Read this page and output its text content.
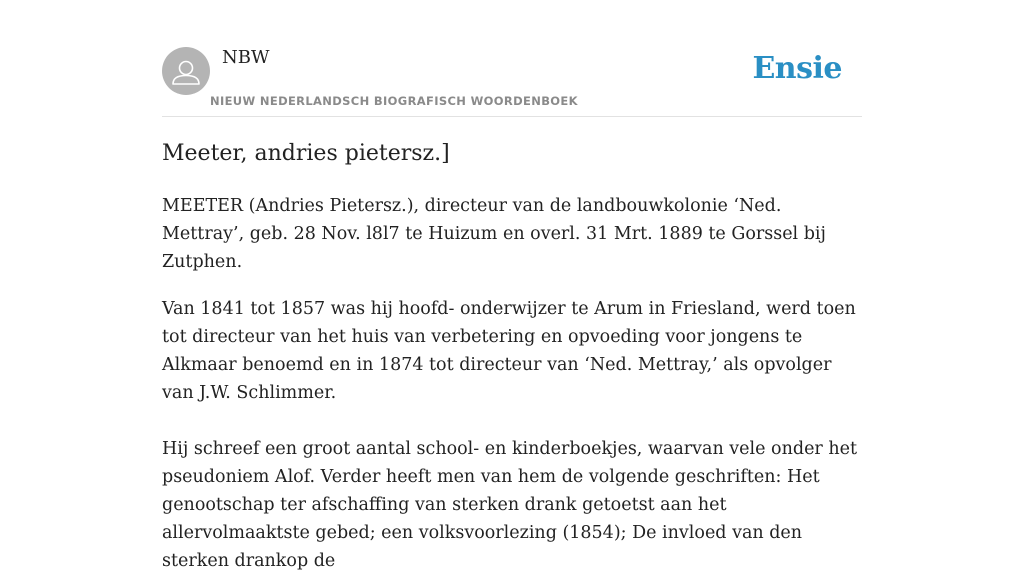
NBW
NIEUW NEDERLANDSCH BIOGRAFISCH WOORDENBOEK
Ensie
Meeter, andries pietersz.]

MEETER (Andries Pietersz.), directeur van de landbouwkolonie ‘Ned. Mettray’, geb. 28 Nov. l8l7 te Huizum en overl. 31 Mrt. 1889 te Gorssel bij Zutphen.

Van 1841 tot 1857 was hij hoofd- onderwijzer te Arum in Friesland, werd toen tot directeur van het huis van verbetering en opvoeding voor jongens te Alkmaar benoemd en in 1874 tot directeur van ‘Ned. Mettray,’ als opvolger van J.W. Schlimmer.

Hij schreef een groot aantal school- en kinderboekjes, waarvan vele onder het pseudoniem Alof. Verder heeft men van hem de volgende geschriften: Het genootschap ter afschaffing van sterken drank getoetst aan het allervolmaaktste gebed; een volksvoorlezing (1854); De invloed van den sterken drankop de
